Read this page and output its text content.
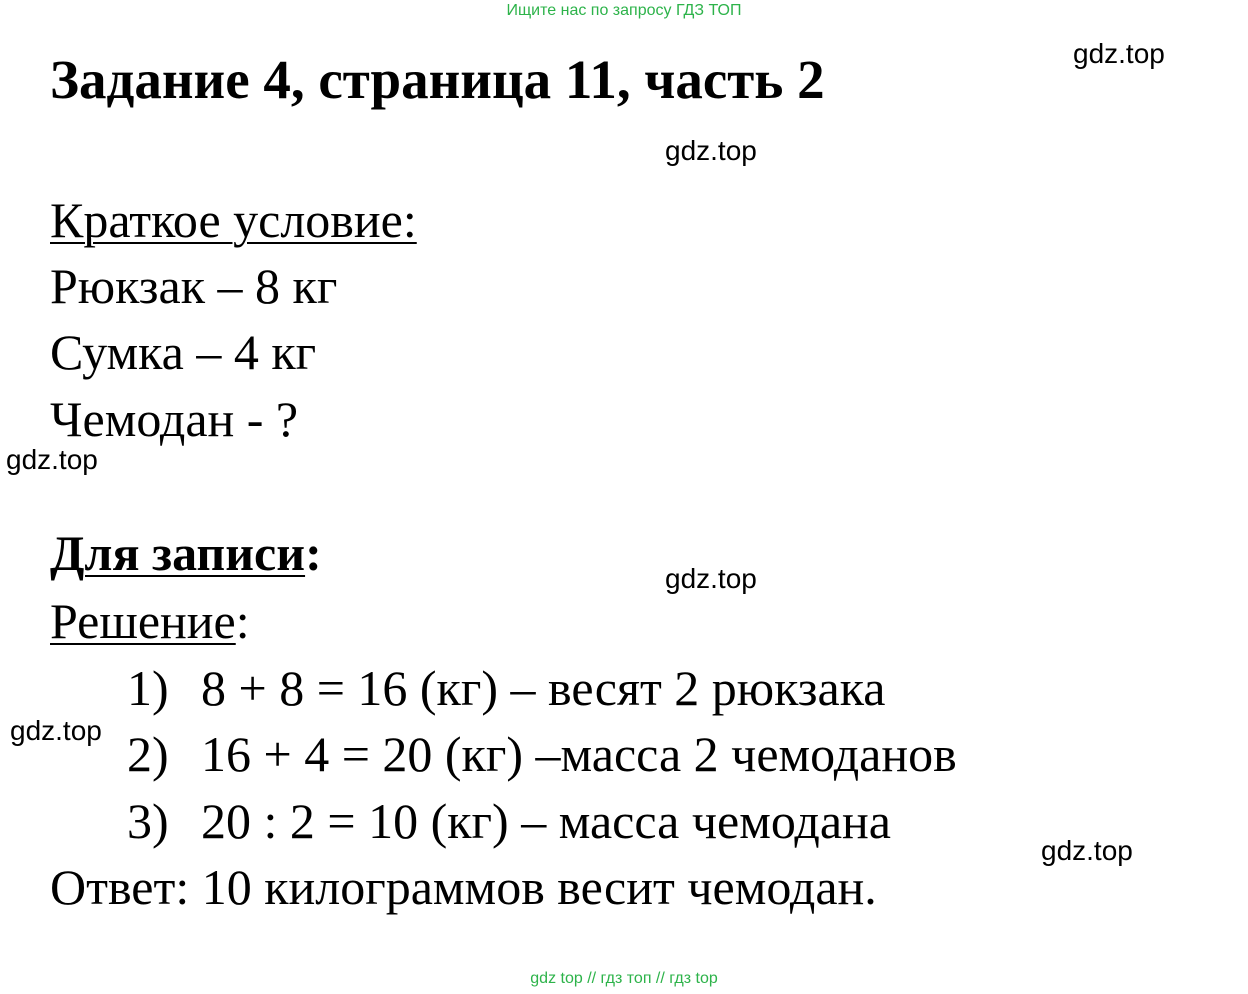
Ищите нас по запросу ГДЗ ТОП
Задание 4, страница 11, часть 2	gdz.top
gdz.top
gdz.top
gdz.top
gdz.top
gdz.top
Краткое условие:
Рюкзак – 8 кг
Сумка – 4 кг
Чемодан - ?
Для записи:
Решение:
1) 8 + 8 = 16 (кг) – весят 2 рюкзака
2) 16 + 4 = 20 (кг) –масса 2 чемоданов
3) 20 : 2 = 10 (кг) – масса чемодана
Ответ: 10 килограммов весит чемодан.
gdz top // гдз топ // гдз top
